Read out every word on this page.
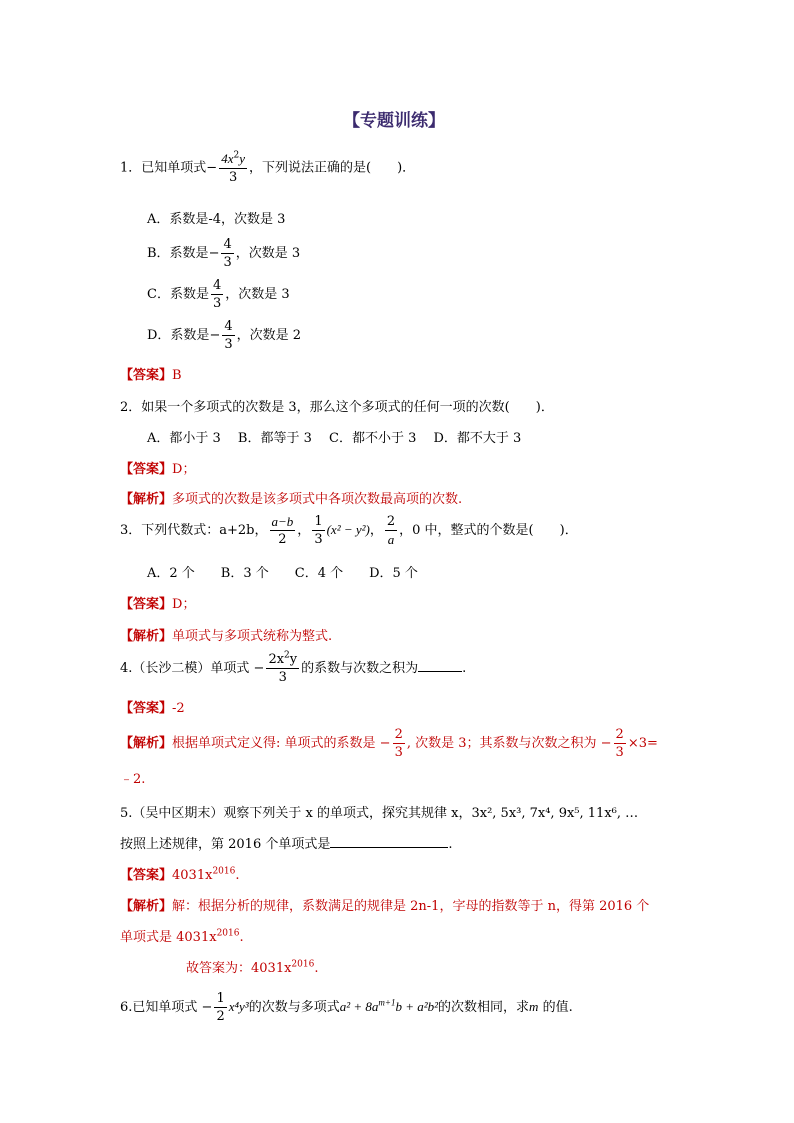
【专题训练】
1．已知单项式− $\frac{4x^2y}{3}$ ，下列说法正确的是(　　)．
A．系数是-4，次数是 3
B．系数是− $\frac{4}{3}$ ，次数是 3
C．系数是 $\frac{4}{3}$ ，次数是 3
D．系数是− $\frac{4}{3}$ ，次数是 2
【答案】B
2．如果一个多项式的次数是 3，那么这个多项式的任何一项的次数(　　)．
A．都小于 3　 B．都等于 3　 C．都不小于 3　 D．都不大于 3
【答案】D；
【解析】多项式的次数是该多项式中各项次数最高项的次数.
3．下列代数式：a+2b， $\frac{a-b}{2}$ ， $\frac{1}{3} (x^2 - y^2)$， $\frac{2}{a}$ ，0 中，整式的个数是(　　)．
A．2 个　　B．3 个　　C．4 个　　D．5 个
【答案】D；
【解析】单项式与多项式统称为整式.
4.（长沙二模）单项式 − $\frac{2x^2y}{3}$ 的系数与次数之积为	.
【答案】-2
【解析】根据单项式定义得: 单项式的系数是 − $\frac{2}{3}$ , 次数是 3；其系数与次数之积为 − $\frac{2}{3} \times 3=$
﹣2.
5.（吴中区期末）观察下列关于 x 的单项式，探究其规律 x，3x², 5x³, 7x⁴, 9x⁵, 11x⁶, …
按照上述规律，第 2016 个单项式是	.
【答案】$4031x^{2016}$.
【解析】解：根据分析的规律，系数满足的规律是 2n-1，字母的指数等于 n，得第 2016 个
单项式是 $4031x^{2016}$.
故答案为：$4031x^{2016}$.
6.已知单项式 − $\frac{1}{2} x^4y^3$的次数与多项式$a^2 + 8a^{m+1}b + a^2b^2$的次数相同，求m 的值.
